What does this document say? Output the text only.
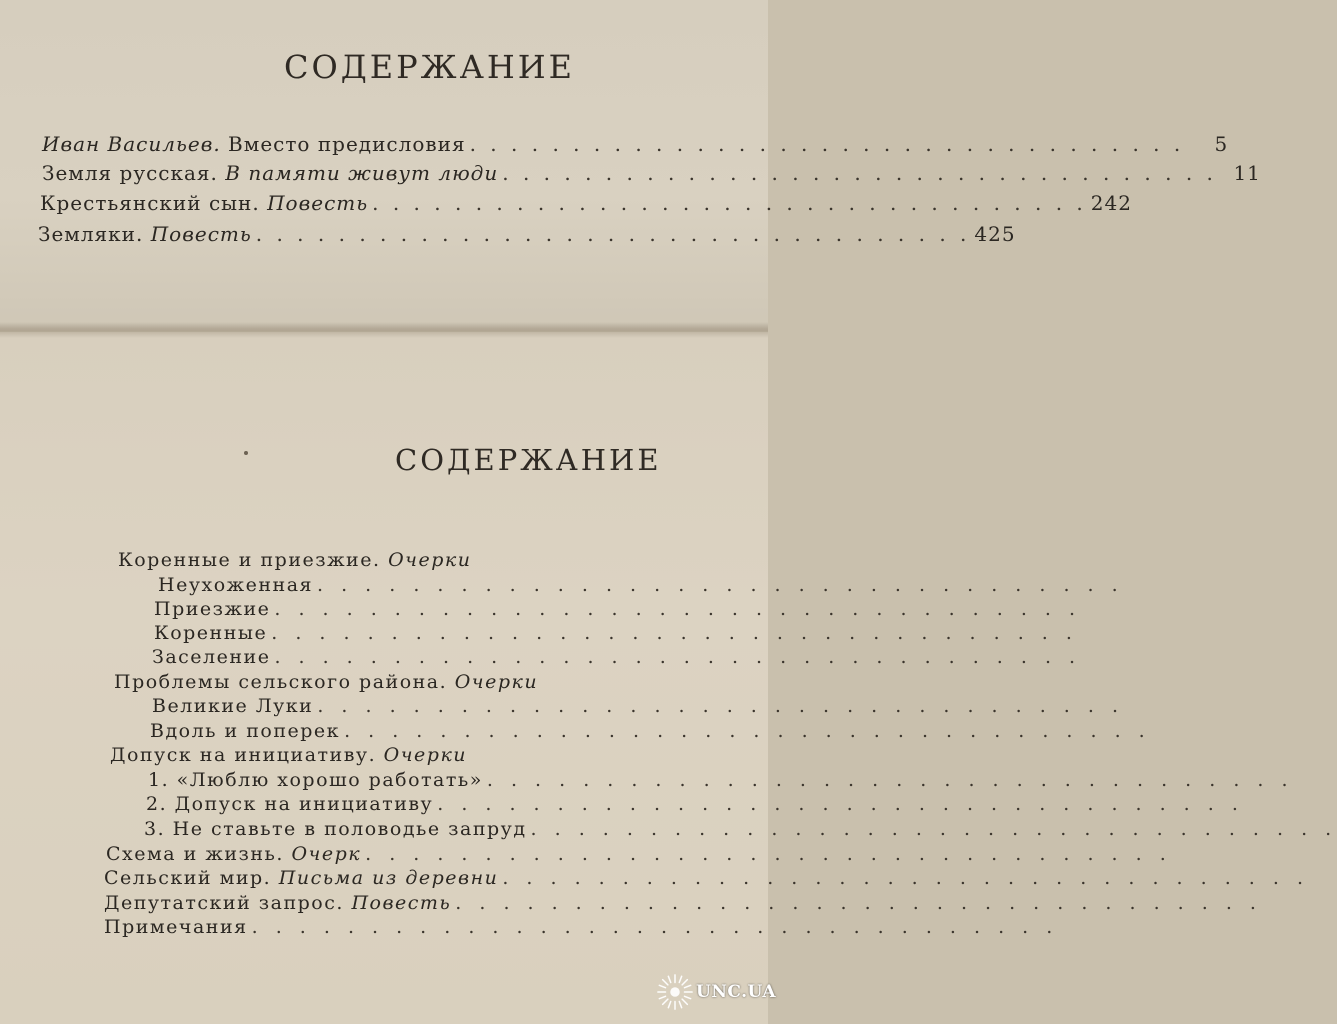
СОДЕРЖАНИЕ
Иван Васильев. Вместо предисловия . . . . . . . . . . . . . . . . . . . . . . . . . . . . . . . . . . .	5
Земля русская. В памяти живут люди . . . . . . . . . . . . . . . . . . . . . . . . . . . . . . . . . . . 11
Крестьянский сын. Повесть . . . . . . . . . . . . . . . . . . . . . . . . . . . . . . . . . . . 242
Земляки. Повесть . . . . . . . . . . . . . . . . . . . . . . . . . . . . . . . . . . . 425
СОДЕРЖАНИЕ
Коренные и приезжие. Очерки
Неухоженная . . . . . . . . . . . . . . . . . . . . . . . . . . . . . . . . . .
Приезжие . . . . . . . . . . . . . . . . . . . . . . . . . . . . . . . . . .
Коренные . . . . . . . . . . . . . . . . . . . . . . . . . . . . . . . . . .
Заселение . . . . . . . . . . . . . . . . . . . . . . . . . . . . . . . . . .
Проблемы сельского района. Очерки
Великие Луки . . . . . . . . . . . . . . . . . . . . . . . . . . . . . . . . . .
Вдоль и поперек . . . . . . . . . . . . . . . . . . . . . . . . . . . . . . . . . .
Допуск на инициативу. Очерки
1. «Люблю хорошо работать» . . . . . . . . . . . . . . . . . . . . . . . . . . . . . . . . . .
2. Допуск на инициативу . . . . . . . . . . . . . . . . . . . . . . . . . . . . . . . . . .
3. Не ставьте в половодье запруд . . . . . . . . . . . . . . . . . . . . . . . . . . . . . . . . . .
Схема и жизнь. Очерк . . . . . . . . . . . . . . . . . . . . . . . . . . . . . . . . . .
Сельский мир. Письма из деревни . . . . . . . . . . . . . . . . . . . . . . . . . . . . . . . . . .
Депутатский запрос. Повесть . . . . . . . . . . . . . . . . . . . . . . . . . . . . . . . . . .
Примечания . . . . . . . . . . . . . . . . . . . . . . . . . . . . . . . . . .
UNC.UA
